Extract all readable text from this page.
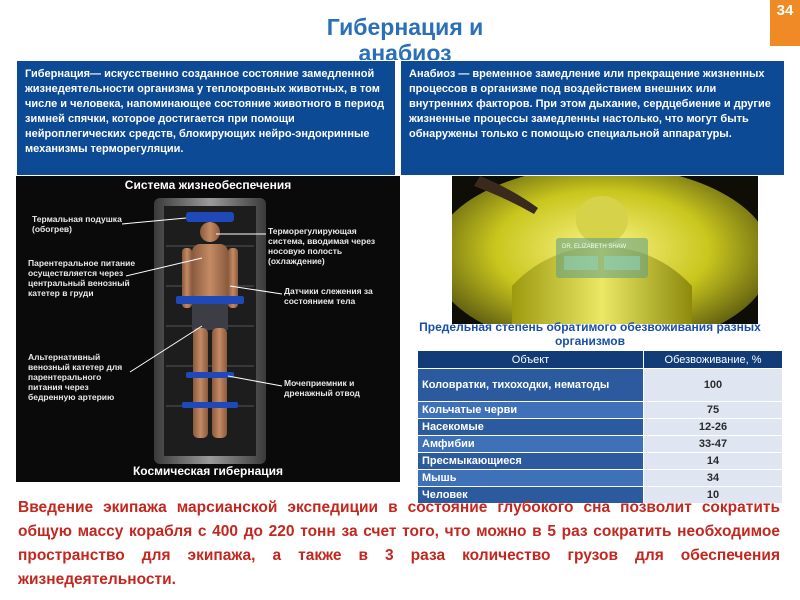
Гибернация и
анабиоз
34
Гибернация— искусственно созданное состояние замедленной жизнедеятельности организма у теплокровных животных, в том числе и человека, напоминающее состояние животного в период зимней спячки, которое достигается при помощи нейроплегических средств, блокирующих нейро-эндокринные механизмы терморегуляции.
Анабиоз — временное замедление или прекращение жизненных процессов в организме под воздействием внешних или внутренних факторов. При этом дыхание, сердцебиение и другие жизненные процессы замедленны настолько, что могут быть обнаружены только с помощью специальной аппаратуры.
Система жизнеобеспечения
Термальная подушка (обогрев)
Парентеральное питание осуществляется через центральный венозный катетер в груди
Альтернативный венозный катетер для парентерального питания через бедренную артерию
Терморегулирующая система, вводимая через носовую полость (охлаждение)
Датчики слежения за состоянием тела
Мочеприемник и дренажный отвод
Космическая гибернация
DR. ELIZABETH SHAW
Предельная степень обратимого обезвоживания разных организмов
Объект	Обезвоживание, %
Коловратки, тихоходки, нематоды	100
Кольчатые черви	75
Насекомые	12-26
Амфибии	33-47
Пресмыкающиеся	14
Мышь	34
Человек	10
Введение экипажа марсианской экспедиции в состояние глубокого сна позволит сократить общую массу корабля с 400 до 220 тонн за счет того, что можно в 5 раз сократить необходимое пространство для экипажа, а также в 3 раза количество грузов для обеспечения жизнедеятельности.
